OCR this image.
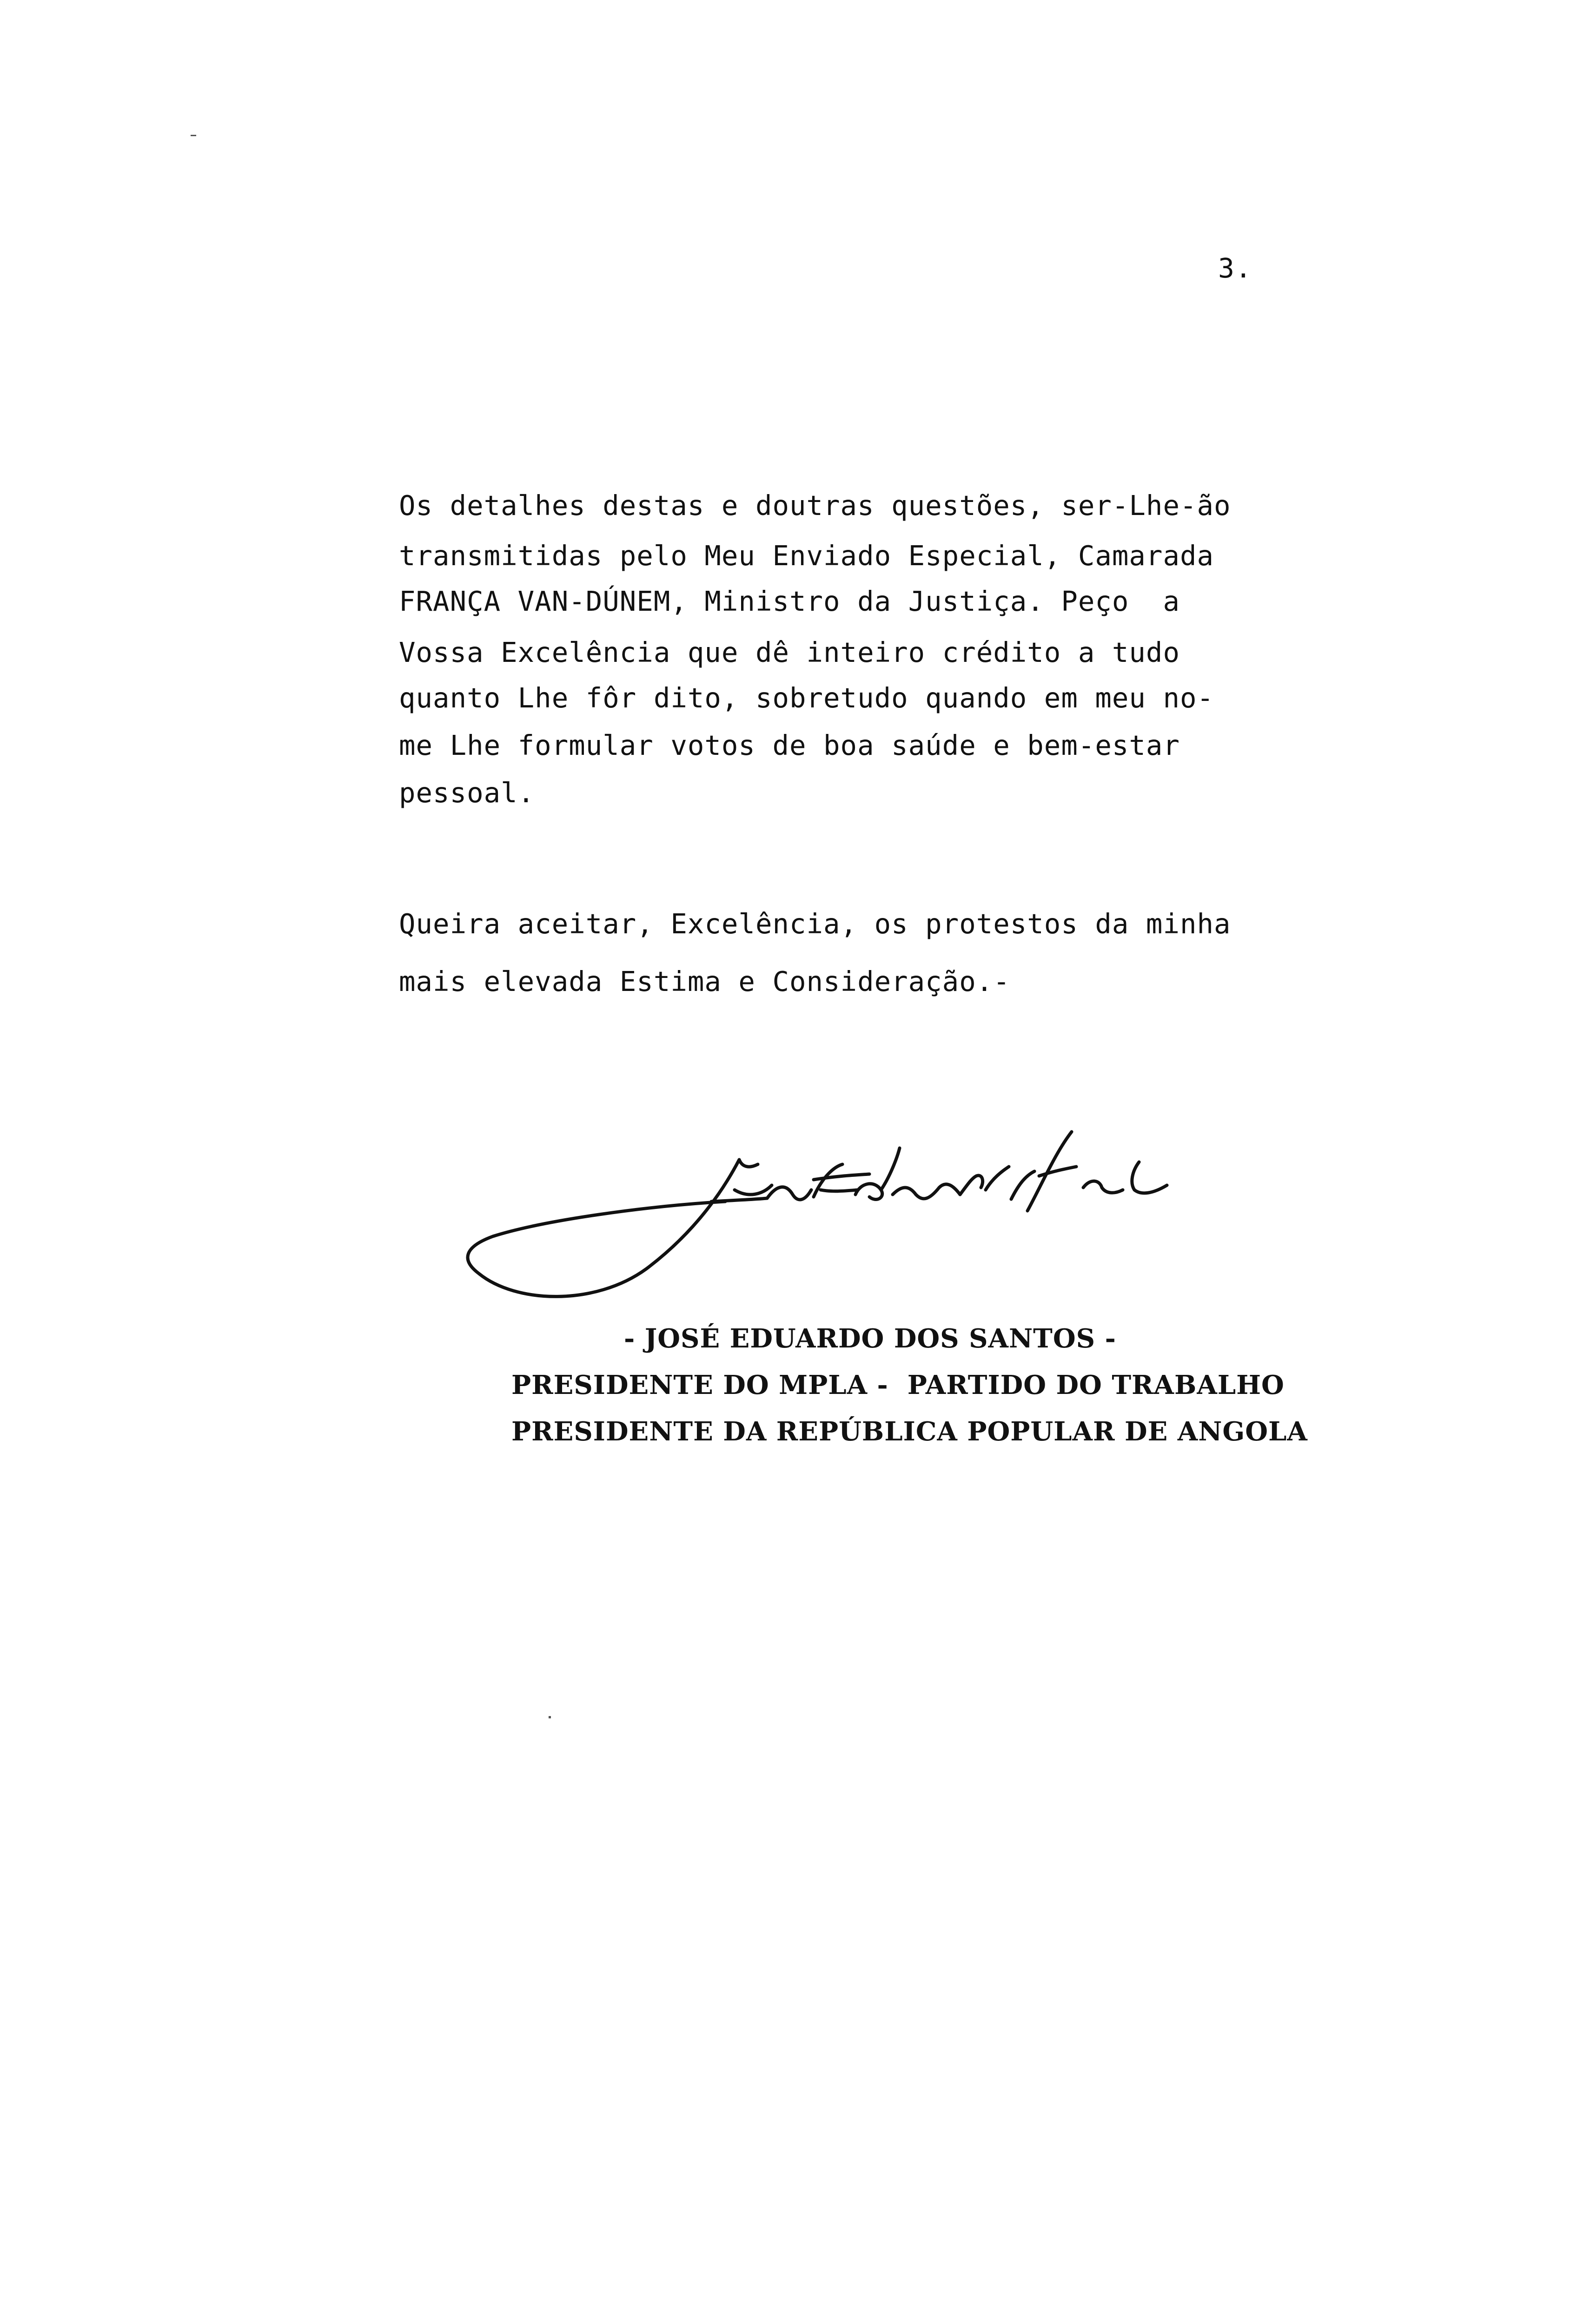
3.
Os detalhes destas e doutras questões, ser-Lhe-ão
transmitidas pelo Meu Enviado Especial, Camarada
FRANÇA VAN-DÚNEM, Ministro da Justiça. Peço  a
Vossa Excelência que dê inteiro crédito a tudo
quanto Lhe fôr dito, sobretudo quando em meu no-
me Lhe formular votos de boa saúde e bem-estar
pessoal.
Queira aceitar, Excelência, os protestos da minha
mais elevada Estima e Consideração.-
- JOSÉ EDUARDO DOS SANTOS -
PRESIDENTE DO MPLA -  PARTIDO DO TRABALHO
PRESIDENTE DA REPÚBLICA POPULAR DE ANGOLA
